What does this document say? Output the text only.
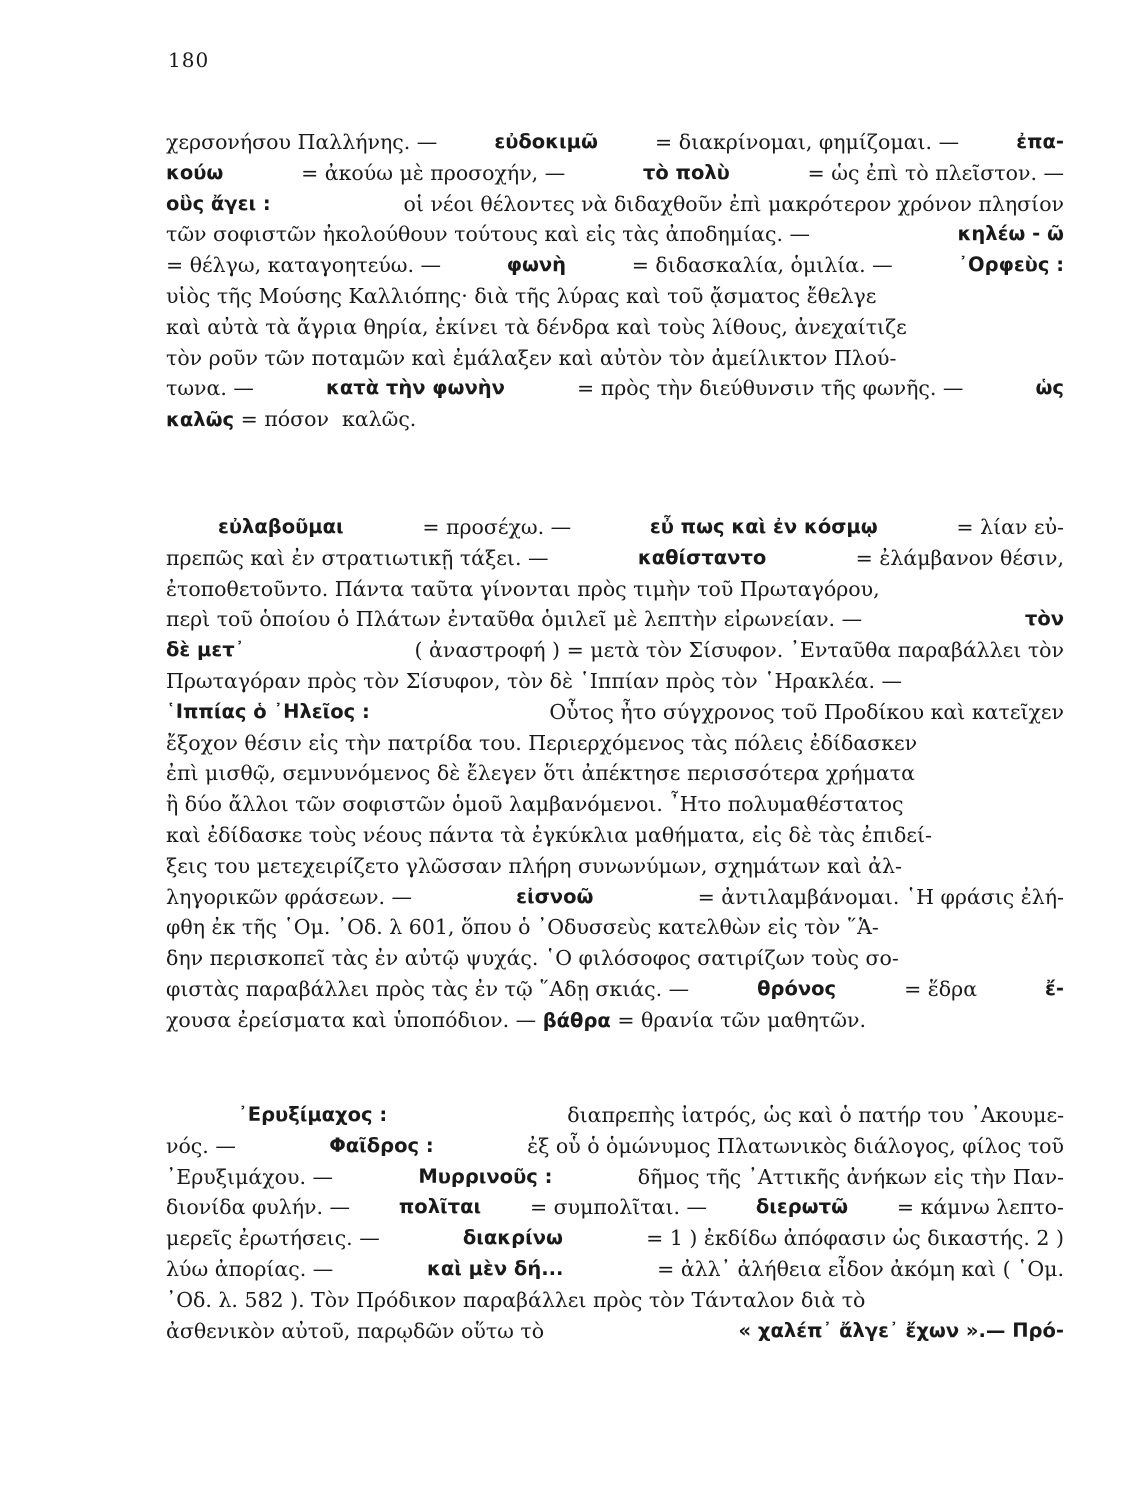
180
χερσονήσου Παλλήνης. —	εὐδοκιμῶ = διακρίνομαι, φημίζομαι. —	ἐπα-
κούω	= ἀκούω μὲ προσοχήν, —	τὸ πολὺ	= ὡς ἐπὶ τὸ πλεῖστον. —
οὓς ἄγει :	οἱ νέοι θέλοντες νὰ διδαχθοῦν ἐπὶ μακρότερον χρόνον πλησίον
τῶν σοφιστῶν ἠκολούθουν τούτους καὶ εἰς τὰς ἀποδημίας. —	κηλέω - ῶ
= θέλγω, καταγοητεύω. —	φωνὴ	= διδασκαλία, ὁμιλία. —	᾿Ορφεὺς :
υἱὸς τῆς Μούσης Καλλιόπης· διὰ τῆς λύρας καὶ τοῦ ᾄσματος ἔθελγε
καὶ αὐτὰ τὰ ἄγρια θηρία, ἐκίνει τὰ δένδρα καὶ τοὺς λίθους, ἀνεχαίτιζε
τὸν ροῦν τῶν ποταμῶν καὶ ἐμάλαξεν καὶ αὐτὸν τὸν ἀμείλικτον Πλού-
τωνα. —	κατὰ τὴν φωνὴν	= πρὸς τὴν διεύθυνσιν τῆς φωνῆς. —	ὡς
καλῶς = πόσον  καλῶς.
εὐλαβοῦμαι	= προσέχω. —	εὖ πως καὶ ἐν κόσμῳ	= λίαν εὐ-
πρεπῶς καὶ ἐν στρατιωτικῇ τάξει. —	καθίσταντο	= ἐλάμβανον θέσιν,
ἐτοποθετοῦντο. Πάντα ταῦτα γίνονται πρὸς τιμὴν τοῦ Πρωταγόρου,
περὶ τοῦ ὁποίου ὁ Πλάτων ἐνταῦθα ὁμιλεῖ μὲ λεπτὴν εἰρωνείαν. —	τὸν
δὲ μετ᾿	( ἀναστροφή ) = μετὰ τὸν Σίσυφον. ᾿Ενταῦθα παραβάλλει τὸν
Πρωταγόραν πρὸς τὸν Σίσυφον, τὸν δὲ ῾Ιππίαν πρὸς τὸν ῾Ηρακλέα. —
῾Ιππίας ὁ ᾿Ηλεῖος :	Οὗτος ἦτο σύγχρονος τοῦ Προδίκου καὶ κατεῖχεν
ἔξοχον θέσιν εἰς τὴν πατρίδα του. Περιερχόμενος τὰς πόλεις ἐδίδασκεν
ἐπὶ μισθῷ, σεμνυνόμενος δὲ ἔλεγεν ὅτι ἀπέκτησε περισσότερα χρήματα
ἢ δύο ἄλλοι τῶν σοφιστῶν ὁμοῦ λαμβανόμενοι. ῏Ητο πολυμαθέστατος
καὶ ἐδίδασκε τοὺς νέους πάντα τὰ ἐγκύκλια μαθήματα, εἰς δὲ τὰς ἐπιδεί-
ξεις του μετεχειρίζετο γλῶσσαν πλήρη συνωνύμων, σχημάτων καὶ ἀλ-
ληγορικῶν φράσεων. —	εἰσνοῶ	= ἀντιλαμβάνομαι. ῾Η φράσις ἐλή-
φθη ἐκ τῆς ῾Ομ. ᾿Οδ. λ 601, ὅπου ὁ ᾿Οδυσσεὺς κατελθὼν εἰς τὸν ῞Ἁ-
δην περισκοπεῖ τὰς ἐν αὐτῷ ψυχάς. ῾Ο φιλόσοφος σατιρίζων τοὺς σο-
φιστὰς παραβάλλει πρὸς τὰς ἐν τῷ ῞Αδῃ σκιάς. —	θρόνος	= ἕδρα	ἔ-
χουσα ἐρείσματα καὶ ὑποπόδιον. — βάθρα = θρανία τῶν μαθητῶν.
᾿Ερυξίμαχος :	διαπρεπὴς ἰατρός, ὡς καὶ ὁ πατήρ του ᾿Ακουμε-
νός. —	Φαῖδρος :	ἐξ οὗ ὁ ὁμώνυμος Πλατωνικὸς διάλογος, φίλος τοῦ
᾿Ερυξιμάχου. —	Μυρρινοῦς :	δῆμος τῆς ᾿Αττικῆς ἀνήκων εἰς τὴν Παν-
διονίδα φυλήν. — πολῖται = συμπολῖται. — διερωτῶ = κάμνω λεπτο-
μερεῖς ἐρωτήσεις. —	διακρίνω	= 1 ) ἐκδίδω ἀπόφασιν ὡς δικαστής. 2 )
λύω ἀπορίας. —	καὶ μὲν δή...	= ἀλλ᾿ ἀλήθεια εἶδον ἀκόμη καὶ ( ῾Ομ.
᾿Οδ. λ. 582 ). Τὸν Πρόδικον παραβάλλει πρὸς τὸν Τάνταλον διὰ τὸ
ἀσθενικὸν αὐτοῦ, παρῳδῶν οὕτω τὸ	« χαλέπ᾿ ἄλγε᾿ ἔχων ».— Πρό-
